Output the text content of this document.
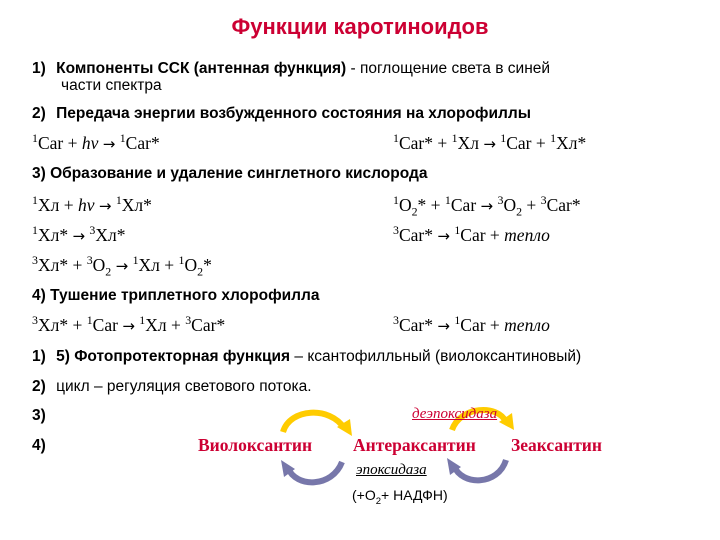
Функции каротиноидов
1) Компоненты ССК (антенная функция) - поглощение света в синей
части спектра
2) Передача энергии возбужденного состояния на хлорофиллы
$^1$Car + hν → $^1$Car*	$^1$Car* + $^1$Хл → $^1$Car + $^1$Хл*
3) Образование и удаление синглетного кислорода
$^1$Хл + hν → $^1$Хл*	$^1O_2* + ^1Car \to ^3O_2 + ^3Car*$
$^1$Хл* → $^3$Хл*	$^3$Car* → $^1$Car + тепло
$^3Хл* + ^3O_2 \to ^1Хл + ^1O_2*$
4) Тушение триплетного хлорофилла
$^3$Хл* + $^1$Car → $^1$Хл + $^3$Car*	$^3$Car* → $^1$Car + тепло
1) 5) Фотопротекторная функция – ксантофилльный (виолоксантиновый)
2) цикл – регуляция светового потока.
3)
4)
деэпоксидаза
Виолоксантин Антераксантин Зеаксантин
эпоксидаза
($+O_2+$ НАДФН)
